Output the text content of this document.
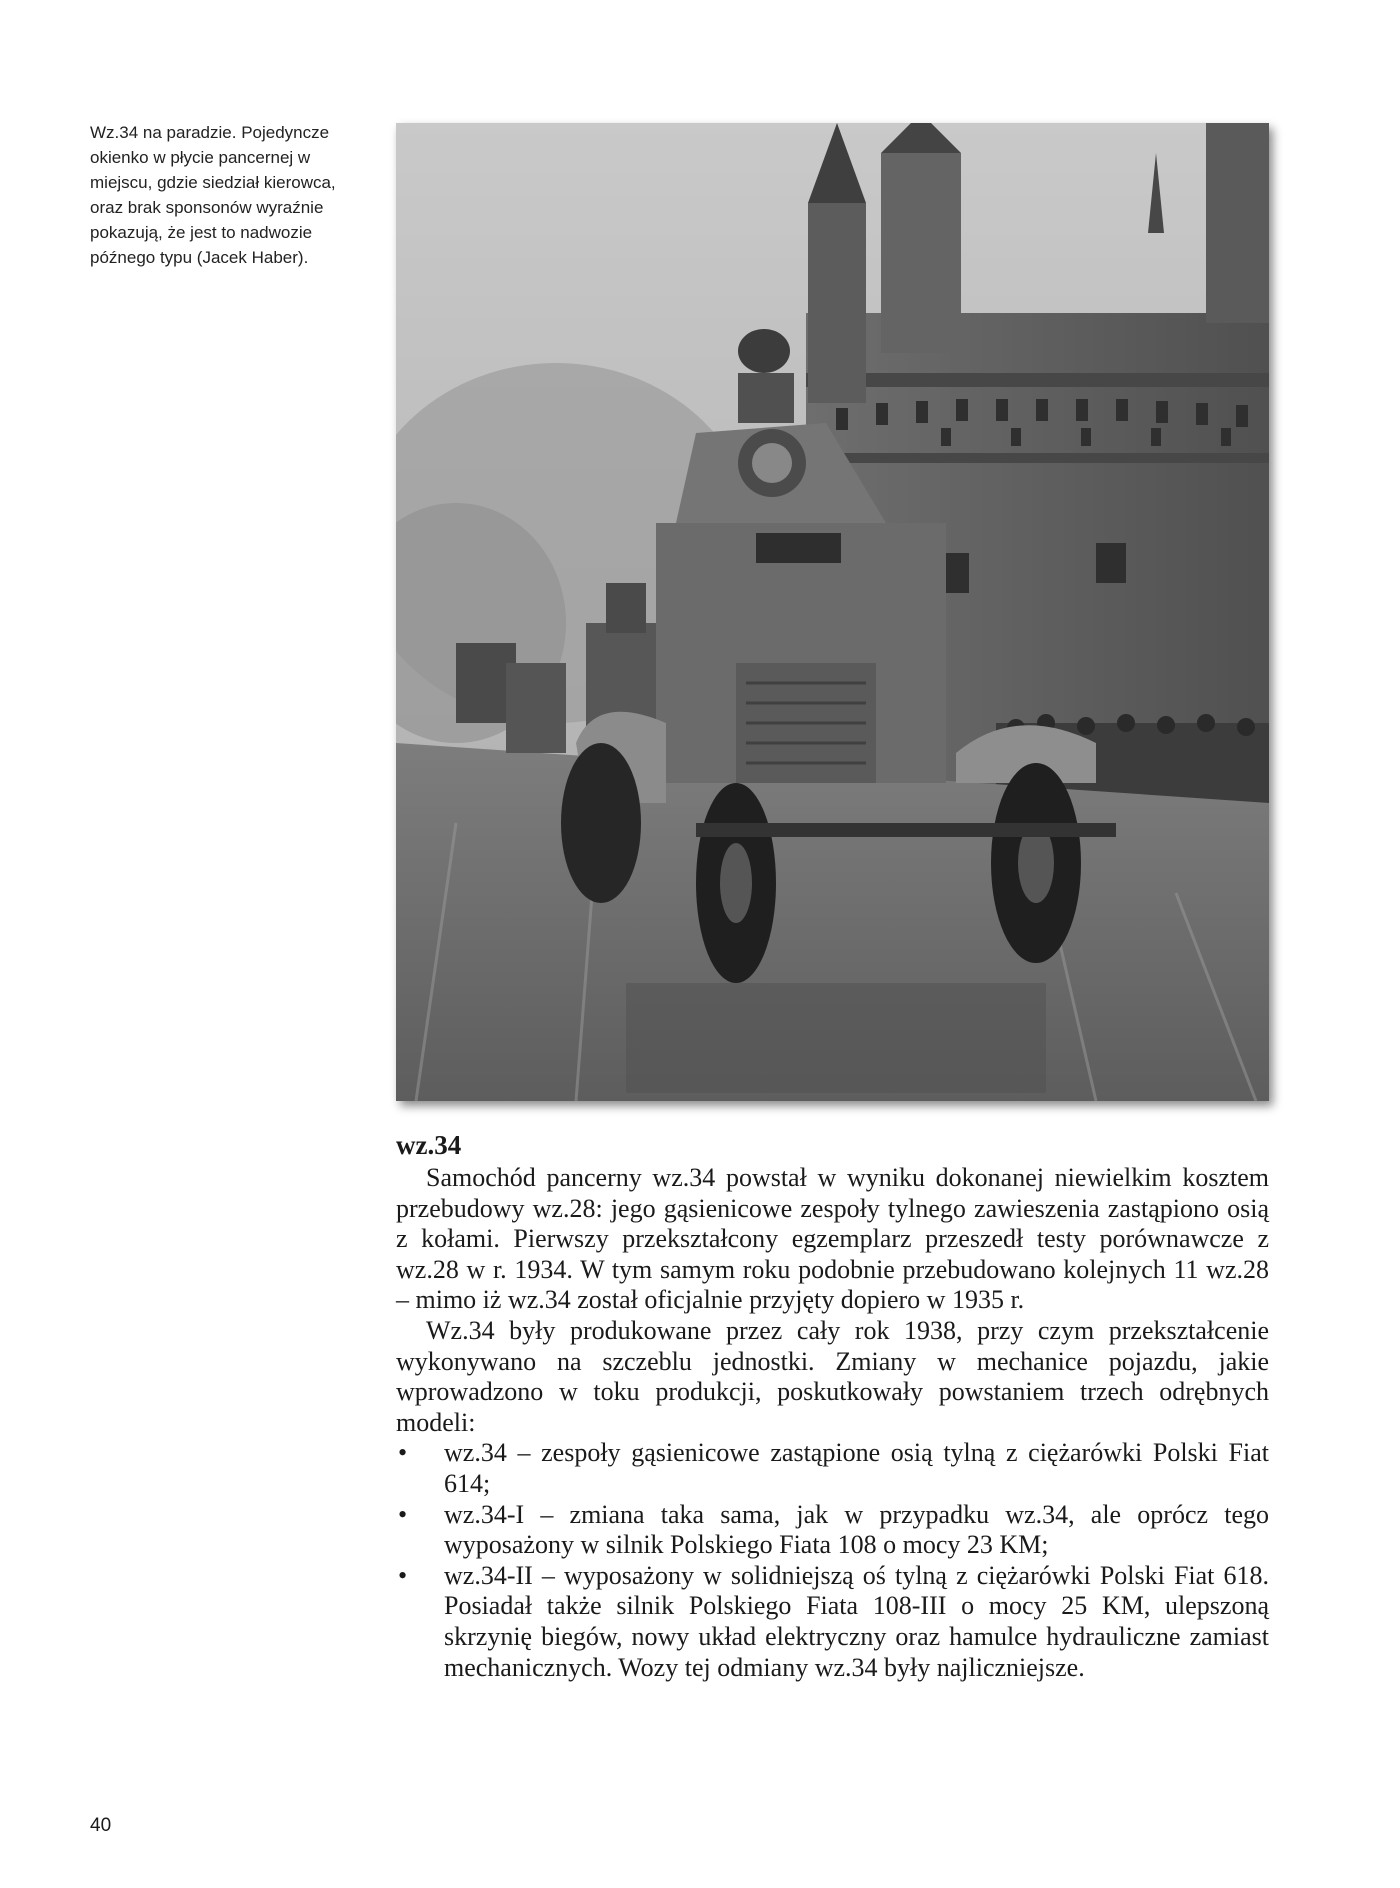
Wz.34 na paradzie. Pojedyncze okienko w płycie pancernej w miejscu, gdzie siedział kierowca, oraz brak sponsonów wyraźnie pokazują, że jest to nadwozie późnego typu (Jacek Haber).
wz.34

Samochód pancerny wz.34 powstał w wyniku dokonanej niewielkim kosztem przebudowy wz.28: jego gąsienicowe zespoły tylnego zawieszenia zastąpiono osią z kołami. Pierwszy przekształcony egzemplarz przeszedł testy porównawcze z wz.28 w r. 1934. W tym samym roku podobnie przebudowano kolejnych 11 wz.28 – mimo iż wz.34 został oficjalnie przyjęty dopiero w 1935 r.

Wz.34 były produkowane przez cały rok 1938, przy czym przekształcenie wykonywano na szczeblu jednostki. Zmiany w mechanice pojazdu, jakie wprowadzono w toku produkcji, poskutkowały powstaniem trzech odrębnych modeli:

• wz.34 – zespoły gąsienicowe zastąpione osią tylną z ciężarówki Polski Fiat 614;
• wz.34-I – zmiana taka sama, jak w przypadku wz.34, ale oprócz tego wyposażony w silnik Polskiego Fiata 108 o mocy 23 KM;
• wz.34-II – wyposażony w solidniejszą oś tylną z ciężarówki Polski Fiat 618. Posiadał także silnik Polskiego Fiata 108-III o mocy 25 KM, ulepszoną skrzynię biegów, nowy układ elektryczny oraz hamulce hydrauliczne zamiast mechanicznych. Wozy tej odmiany wz.34 były najliczniejsze.
40
